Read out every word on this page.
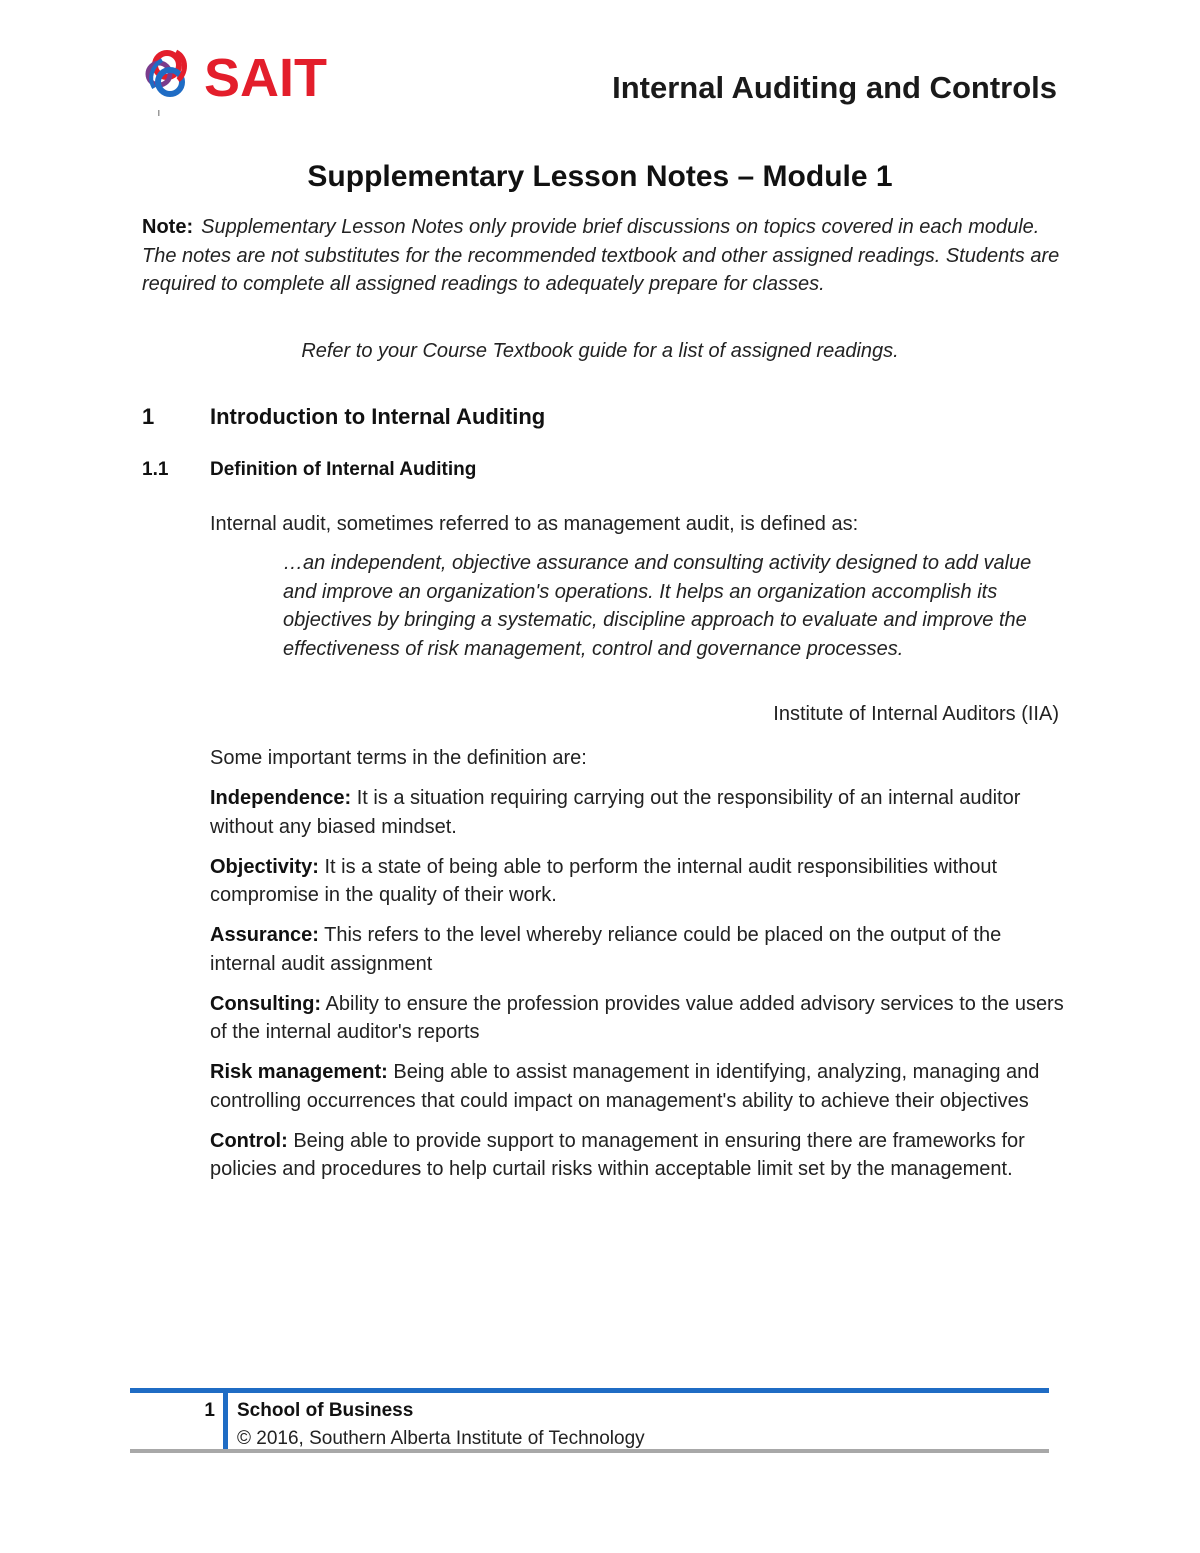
SAIT	Internal Auditing and Controls
Supplementary Lesson Notes – Module 1
Note: Supplementary Lesson Notes only provide brief discussions on topics covered in each module. The notes are not substitutes for the recommended textbook and other assigned readings. Students are required to complete all assigned readings to adequately prepare for classes.
Refer to your Course Textbook guide for a list of assigned readings.
1	Introduction to Internal Auditing
1.1 Definition of Internal Auditing
Internal audit, sometimes referred to as management audit, is defined as:
…an independent, objective assurance and consulting activity designed to add value and improve an organization's operations. It helps an organization accomplish its objectives by bringing a systematic, discipline approach to evaluate and improve the effectiveness of risk management, control and governance processes.
Institute of Internal Auditors (IIA)
Some important terms in the definition are:

Independence: It is a situation requiring carrying out the responsibility of an internal auditor without any biased mindset.

Objectivity: It is a state of being able to perform the internal audit responsibilities without compromise in the quality of their work.

Assurance: This refers to the level whereby reliance could be placed on the output of the internal audit assignment

Consulting: Ability to ensure the profession provides value added advisory services to the users of the internal auditor's reports

Risk management: Being able to assist management in identifying, analyzing, managing and controlling occurrences that could impact on management's ability to achieve their objectives

Control: Being able to provide support to management in ensuring there are frameworks for policies and procedures to help curtail risks within acceptable limit set by the management.

1 School of Business
© 2016, Southern Alberta Institute of Technology
